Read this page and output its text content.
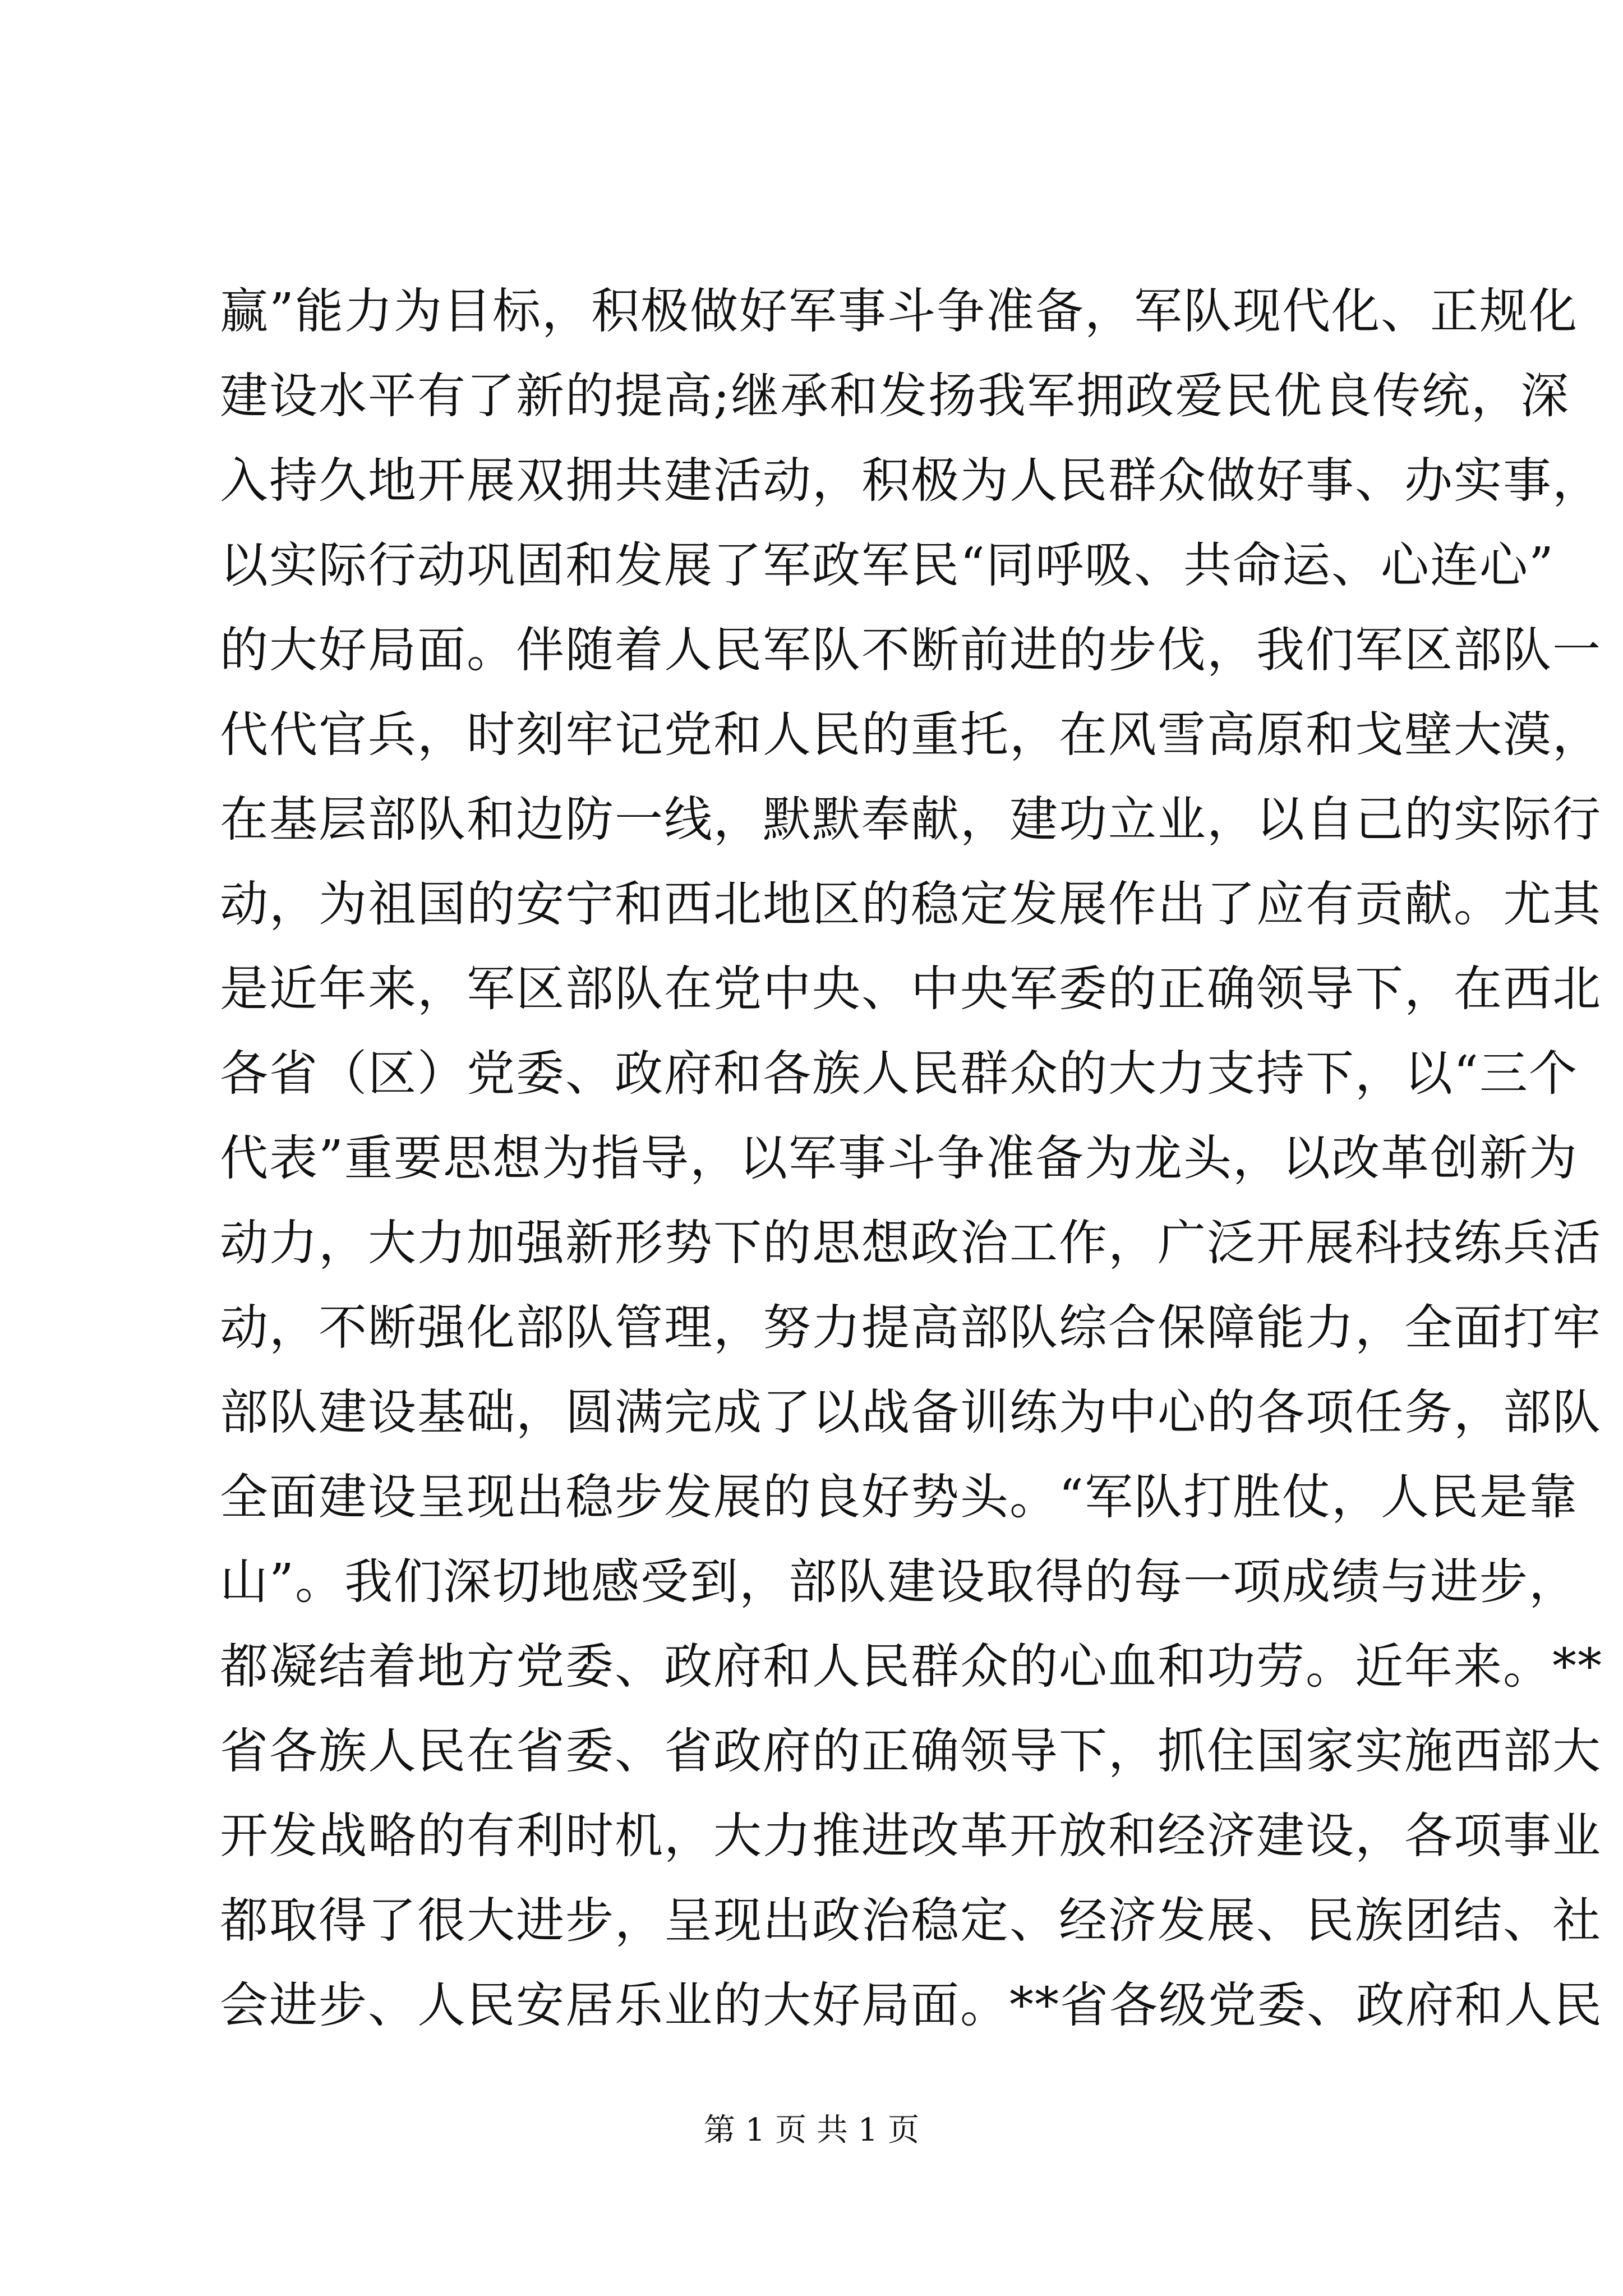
赢”能力为目标，积极做好军事斗争准备，军队现代化、正规化
建设水平有了新的提高;继承和发扬我军拥政爱民优良传统，深
入持久地开展双拥共建活动，积极为人民群众做好事、办实事，
以实际行动巩固和发展了军政军民“同呼吸、共命运、心连心”
的大好局面。伴随着人民军队不断前进的步伐，我们军区部队一
代代官兵，时刻牢记党和人民的重托，在风雪高原和戈壁大漠，
在基层部队和边防一线，默默奉献，建功立业，以自己的实际行
动，为祖国的安宁和西北地区的稳定发展作出了应有贡献。尤其
是近年来，军区部队在党中央、中央军委的正确领导下，在西北
各省（区）党委、政府和各族人民群众的大力支持下，以“三个
代表”重要思想为指导，以军事斗争准备为龙头，以改革创新为
动力，大力加强新形势下的思想政治工作，广泛开展科技练兵活
动，不断强化部队管理，努力提高部队综合保障能力，全面打牢
部队建设基础，圆满完成了以战备训练为中心的各项任务，部队
全面建设呈现出稳步发展的良好势头。“军队打胜仗，人民是靠
山”。我们深切地感受到，部队建设取得的每一项成绩与进步，
都凝结着地方党委、政府和人民群众的心血和功劳。近年来。**
省各族人民在省委、省政府的正确领导下，抓住国家实施西部大
开发战略的有利时机，大力推进改革开放和经济建设，各项事业
都取得了很大进步，呈现出政治稳定、经济发展、民族团结、社
会进步、人民安居乐业的大好局面。**省各级党委、政府和人民
第 1 页 共 1 页
